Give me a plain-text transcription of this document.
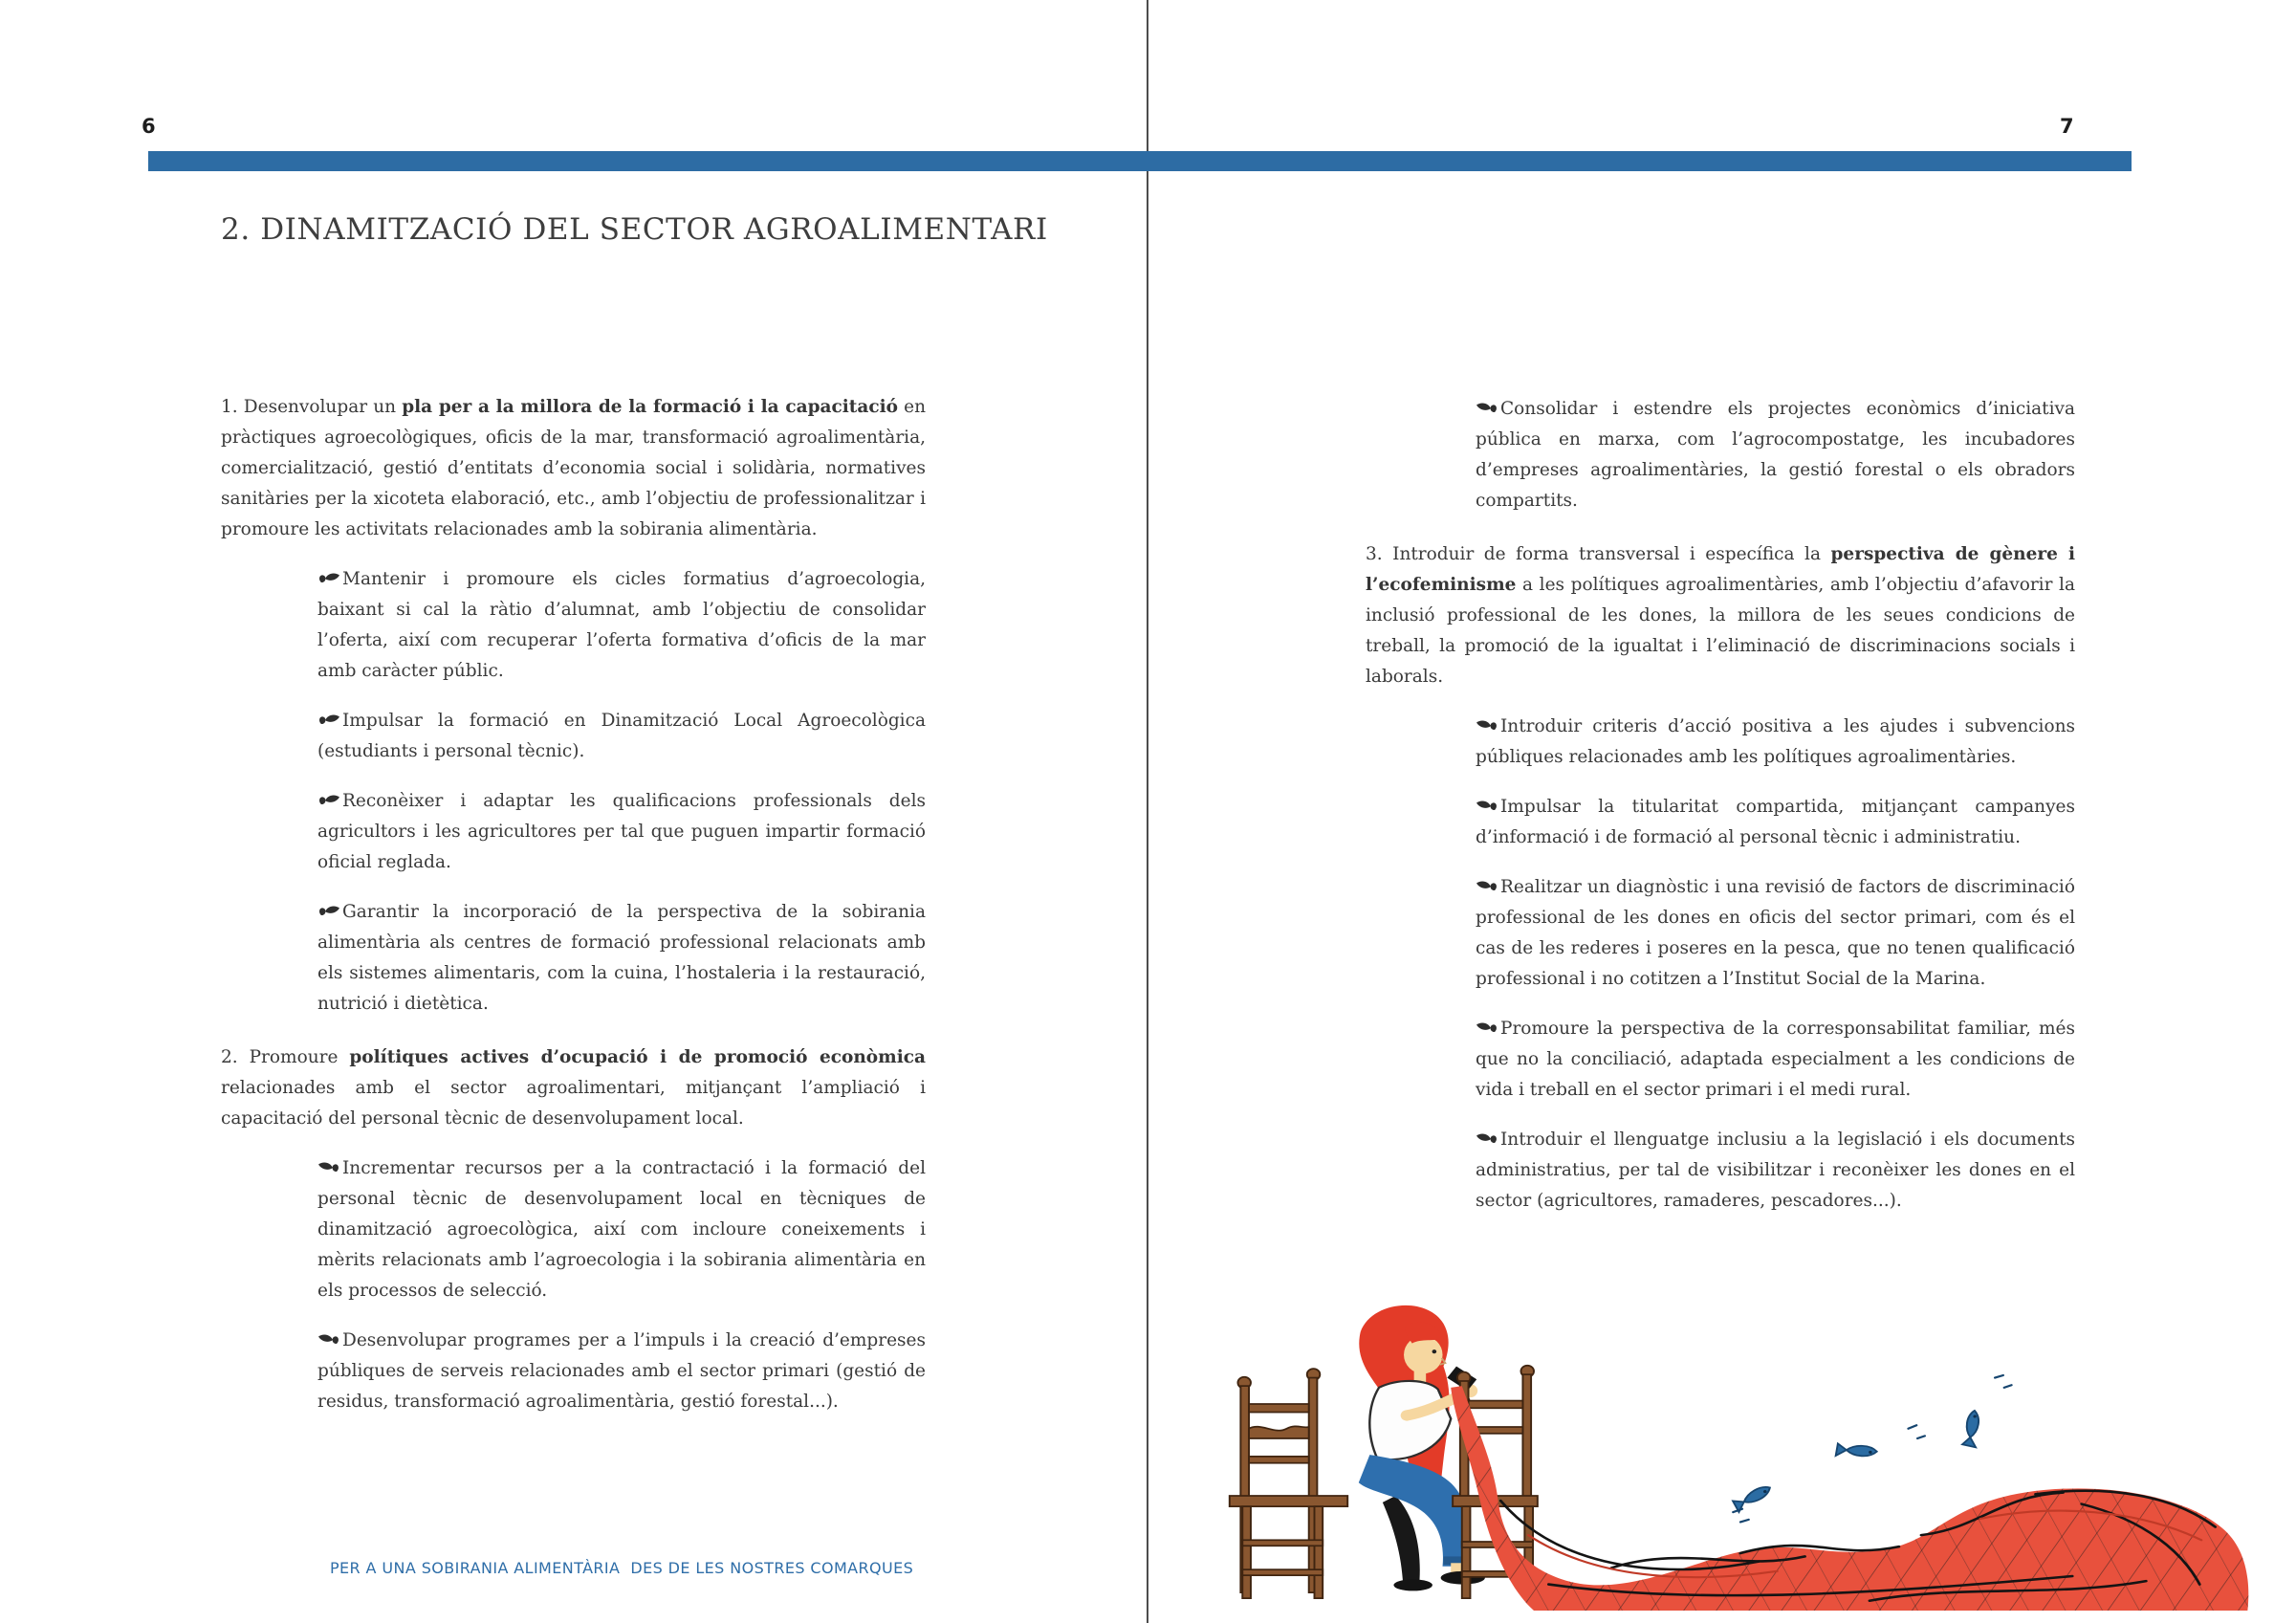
6	7
2. DINAMITZACIÓ DEL SECTOR AGROALIMENTARI

1. Desenvolupar un pla per a la millora de la formació i la capacitació en pràctiques agroecològiques, oficis de la mar, transformació agroalimentària, comercialització, gestió d’entitats d’economia social i solidària, normatives sanitàries per la xicoteta elaboració, etc., amb l’objectiu de professionalitzar i promoure les activitats relacionades amb la sobirania alimentària.

Mantenir i promoure els cicles formatius d’agroecologia, baixant si cal la ràtio d’alumnat, amb l’objectiu de consolidar l’oferta, així com recuperar l’oferta formativa d’oficis de la mar amb caràcter públic.

Impulsar la formació en Dinamització Local Agroecològica (estudiants i personal tècnic).

Reconèixer i adaptar les qualificacions professionals dels agricultors i les agricultores per tal que puguen impartir formació oficial reglada.

Garantir la incorporació de la perspectiva de la sobirania alimentària als centres de formació professional relacionats amb els sistemes alimentaris, com la cuina, l’hostaleria i la restauració, nutrició i dietètica.

2. Promoure polítiques actives d’ocupació i de promoció econòmica relacionades amb el sector agroalimentari, mitjançant l’ampliació i capacitació del personal tècnic de desenvolupament local.

Incrementar recursos per a la contractació i la formació del personal tècnic de desenvolupament local en tècniques de dinamització agroecològica, així com incloure coneixements i mèrits relacionats amb l’agroecologia i la sobirania alimentària en els processos de selecció.

Desenvolupar programes per a l’impuls i la creació d’empreses públiques de serveis relacionades amb el sector primari (gestió de residus, transformació agroalimentària, gestió forestal...).

PER A UNA SOBIRANIA ALIMENTÀRIA  DES DE LES NOSTRES COMARQUES

Consolidar i estendre els projectes econòmics d’iniciativa pública en marxa, com l’agrocompostatge, les incubadores d’empreses agroalimentàries, la gestió forestal o els obradors compartits.

3. Introduir de forma transversal i específica la perspectiva de gènere i l’ecofeminisme a les polítiques agroalimentàries, amb l’objectiu d’afavorir la inclusió professional de les dones, la millora de les seues condicions de treball, la promoció de la igualtat i l’eliminació de discriminacions socials i laborals.

Introduir criteris d’acció positiva a les ajudes i subvencions públiques relacionades amb les polítiques agroalimentàries.

Impulsar la titularitat compartida, mitjançant campanyes d’informació i de formació al personal tècnic i administratiu.

Realitzar un diagnòstic i una revisió de factors de discriminació professional de les dones en oficis del sector primari, com és el cas de les rederes i poseres en la pesca, que no tenen qualificació professional i no cotitzen a l’Institut Social de la Marina.

Promoure la perspectiva de la corresponsabilitat familiar, més que no la conciliació, adaptada especialment a les condicions de vida i treball en el sector primari i el medi rural.

Introduir el llenguatge inclusiu a la legislació i els documents administratius, per tal de visibilitzar i reconèixer les dones en el sector (agricultores, ramaderes, pescadores...).
